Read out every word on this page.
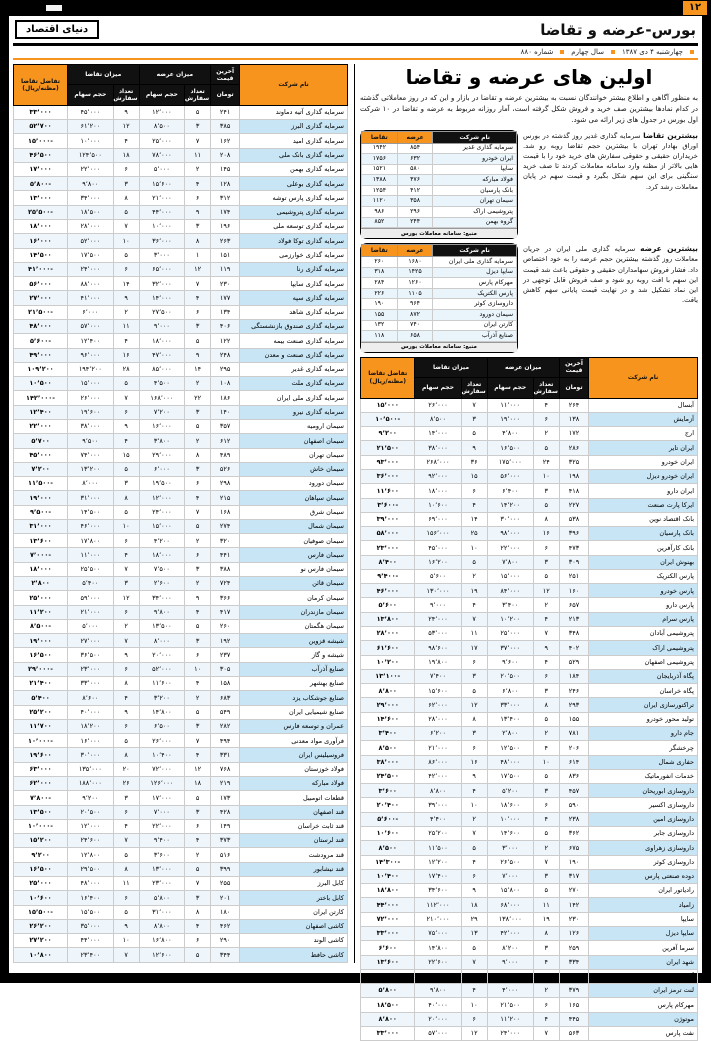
۱۲
بورس-عرضه و تقاضا
دنیای اقتصاد
چهارشنبه ۴ دی ۱۳۸۷
سال چهارم
شماره ۸۸۰
اولین های عرضه و تقاضا

به منظور آگاهی و اطلاع بیشتر خوانندگان نسبت به بیشترین عرضه و تقاضا در بازار و این که در روز معاملاتی گذشته در کدام نمادها بیشترین صف خرید و فروش شکل گرفته است، آمار روزانه مربوط به عرضه و تقاضا در ۱۰ شرکت اول بورس در جدول های زیر ارائه می شود.

بیشترین تقاضا سرمایه گذاری غدیر روز گذشته در بورس اوراق بهادار تهران با بیشترین حجم تقاضا روبه رو شد. خریداران حقیقی و حقوقی سفارش های خرید خود را با قیمت هایی بالاتر از مظنه وارد سامانه معاملات کردند تا صف خرید سنگینی برای این سهم شکل بگیرد و قیمت سهم در پایان معاملات رشد کرد.

نام شرکت	عرضه	تقاضا
سرمایه گذاری غدیر	۸۵۴	۱۹۴۲
ایران خودرو	۶۳۲	۱۷۵۶
سایپا	۵۸۰	۱۵۲۱
فولاد مبارکه	۴۷۶	۱۳۸۸
بانک پارسیان	۴۱۲	۱۲۵۴
سیمان تهران	۳۵۸	۱۱۲۰
پتروشیمی اراک	۲۹۶	۹۸۶
گروه بهمن	۲۴۴	۸۵۲
منبع: سامانه معاملات بورس

بیشترین عرضه سرمایه گذاری ملی ایران در جریان معاملات روز گذشته بیشترین حجم عرضه را به خود اختصاص داد. فشار فروش سهامداران حقیقی و حقوقی باعث شد قیمت این سهم با افت روبه رو شود و صف فروش قابل توجهی در این نماد تشکیل شد و در نهایت قیمت پایانی سهم کاهش یافت.

نام شرکت	عرضه	تقاضا
سرمایه گذاری ملی ایران	۱۶۸۰	۲۶۰
سایپا دیزل	۱۴۲۵	۳۱۸
مهرکام پارس	۱۲۶۰	۲۸۴
پارس الکتریک	۱۱۰۵	۲۲۶
داروسازی کوثر	۹۶۴	۱۹۰
سیمان دورود	۸۷۲	۱۵۵
کارتن ایران	۷۴۰	۱۳۲
صنایع آذرآب	۶۵۸	۱۱۸
منبع: سامانه معاملات بورس
نام شرکت	آخرین قیمت	میزان عرضه		میزان تقاضا		تفاضل تقاضا (مظنه/ریال)
	تومان	تعداد سفارش	حجم سهام	تعداد سفارش	حجم سهام	
آبسال	۲۶۴	۴	۱۱٬۰۰۰	۷	۲۶٬۰۰۰	۱۵٬۰۰۰
آزمایش	۱۳۸	۶	۱۹٬۰۰۰	۳	۸٬۵۰۰	-۱۰٬۵۰۰
ارج	۱۷۲	۲	۴٬۸۰۰	۵	۱۴٬۰۰۰	۹٬۲۰۰
ایران تایر	۲۸۶	۵	۱۶٬۵۰۰	۹	۳۸٬۰۰۰	۲۱٬۵۰۰
ایران خودرو	۳۲۵	۲۴	۱۷۵٬۰۰۰	۳۶	۲۶۸٬۰۰۰	۹۳٬۰۰۰
ایران خودرو دیزل	۱۹۸	۱۰	۵۶٬۰۰۰	۱۵	۹۲٬۰۰۰	۳۶٬۰۰۰
ایران دارو	۴۱۸	۳	۶٬۴۰۰	۶	۱۸٬۰۰۰	۱۱٬۶۰۰
ایرکا پارت صنعت	۲۲۷	۵	۱۴٬۲۰۰	۴	۱۰٬۶۰۰	-۳٬۶۰۰
بانک اقتصاد نوین	۵۳۸	۸	۳۰٬۰۰۰	۱۴	۶۹٬۰۰۰	۳۹٬۰۰۰
بانک پارسیان	۳۹۶	۱۶	۹۸٬۰۰۰	۲۵	۱۵۶٬۰۰۰	۵۸٬۰۰۰
بانک کارآفرین	۴۷۳	۶	۲۲٬۰۰۰	۱۰	۴۵٬۰۰۰	۲۳٬۰۰۰
بهنوش ایران	۳۰۹	۳	۷٬۸۰۰	۵	۱۶٬۲۰۰	۸٬۴۰۰
پارس الکتریک	۲۵۱	۵	۱۵٬۰۰۰	۲	۵٬۶۰۰	-۹٬۴۰۰
پارس خودرو	۱۶۰	۱۲	۸۴٬۰۰۰	۱۹	۱۳۰٬۰۰۰	۴۶٬۰۰۰
پارس دارو	۶۵۷	۲	۳٬۴۰۰	۴	۹٬۰۰۰	۵٬۶۰۰
پارس سرام	۲۱۳	۴	۱۰٬۲۰۰	۷	۲۴٬۰۰۰	۱۳٬۸۰۰
پتروشیمی آبادان	۳۴۸	۷	۲۵٬۰۰۰	۱۱	۵۳٬۰۰۰	۲۸٬۰۰۰
پتروشیمی اراک	۴۰۲	۹	۳۷٬۰۰۰	۱۷	۹۸٬۶۰۰	۶۱٬۶۰۰
پتروشیمی اصفهان	۵۲۹	۴	۹٬۶۰۰	۶	۱۹٬۸۰۰	۱۰٬۲۰۰
پگاه آذربایجان	۱۸۴	۶	۲۰٬۵۰۰	۳	۷٬۴۰۰	-۱۳٬۱۰۰
پگاه خراسان	۲۴۶	۳	۶٬۸۰۰	۵	۱۵٬۶۰۰	۸٬۸۰۰
تراکتورسازی ایران	۲۹۳	۸	۳۳٬۰۰۰	۱۲	۶۲٬۰۰۰	۲۹٬۰۰۰
تولید محور خودرو	۱۵۵	۵	۱۳٬۴۰۰	۸	۲۸٬۰۰۰	۱۴٬۶۰۰
جام دارو	۷۸۱	۲	۲٬۸۰۰	۳	۶٬۲۰۰	۳٬۴۰۰
چرخشگر	۲۰۶	۴	۱۲٬۵۰۰	۶	۲۱٬۰۰۰	۸٬۵۰۰
حفاری شمال	۶۱۴	۱۰	۴۸٬۰۰۰	۱۶	۸۶٬۰۰۰	۳۸٬۰۰۰
خدمات انفورماتیک	۸۳۶	۵	۱۷٬۵۰۰	۹	۴۲٬۰۰۰	۲۴٬۵۰۰
داروسازی ابوریحان	۴۵۷	۳	۵٬۲۰۰	۴	۸٬۸۰۰	۳٬۶۰۰
داروسازی اکسیر	۵۹۰	۶	۱۸٬۶۰۰	۱۰	۳۹٬۰۰۰	۲۰٬۴۰۰
داروسازی امین	۲۳۸	۴	۱۰٬۰۰۰	۲	۴٬۴۰۰	-۵٬۶۰۰
داروسازی جابر	۳۶۲	۵	۱۴٬۶۰۰	۷	۲۵٬۲۰۰	۱۰٬۶۰۰
داروسازی زهراوی	۶۷۵	۲	۳٬۰۰۰	۵	۱۱٬۵۰۰	۸٬۵۰۰
داروسازی کوثر	۱۹۰	۷	۲۶٬۵۰۰	۴	۱۲٬۲۰۰	-۱۴٬۳۰۰
دوده صنعتی پارس	۳۱۷	۳	۷٬۰۰۰	۶	۱۷٬۴۰۰	۱۰٬۴۰۰
رادیاتور ایران	۲۷۰	۵	۱۵٬۸۰۰	۹	۳۴٬۶۰۰	۱۸٬۸۰۰
زامیاد	۱۴۲	۱۱	۶۸٬۰۰۰	۱۸	۱۱۲٬۰۰۰	۴۴٬۰۰۰
سایپا	۲۳۰	۱۹	۱۳۸٬۰۰۰	۲۹	۲۱۰٬۰۰۰	۷۲٬۰۰۰
سایپا دیزل	۱۲۶	۸	۴۲٬۰۰۰	۱۳	۷۵٬۰۰۰	۳۳٬۰۰۰
سرما آفرین	۲۵۹	۳	۸٬۲۰۰	۵	۱۴٬۸۰۰	۶٬۶۰۰
شهد ایران	۳۳۴	۴	۹٬۰۰۰	۷	۲۲٬۶۰۰	۱۳٬۶۰۰
گروه بهمن	۲۰۳	۱۳	۸۰٬۰۰۰	۲۱	۱۴۴٬۰۰۰	۶۴٬۰۰۰
لنت ترمز ایران	۳۷۹	۲	۴٬۰۰۰	۴	۹٬۸۰۰	۵٬۸۰۰
مهرکام پارس	۱۶۵	۶	۲۱٬۵۰۰	۱۰	۴۰٬۰۰۰	۱۸٬۵۰۰
موتوژن	۴۴۵	۴	۱۱٬۲۰۰	۶	۲۰٬۰۰۰	۸٬۸۰۰
نفت پارس	۵۶۳	۷	۲۴٬۰۰۰	۱۲	۵۷٬۰۰۰	۳۳٬۰۰۰
نام شرکت	آخرین قیمت	میزان عرضه		میزان تقاضا		تفاضل تقاضا (مظنه/ریال)
	تومان	تعداد سفارش	حجم سهام	تعداد سفارش	حجم سهام	
سرمایه گذاری آتیه دماوند	۲۴۱	۵	۱۲٬۰۰۰	۹	۴۵٬۰۰۰	۳۳٬۰۰۰
سرمایه گذاری البرز	۳۸۵	۳	۸٬۵۰۰	۱۲	۶۱٬۲۰۰	۵۲٬۷۰۰
سرمایه گذاری امید	۱۶۲	۷	۲۵٬۰۰۰	۴	۱۰٬۰۰۰	-۱۵٬۰۰۰
سرمایه گذاری بانک ملی	۲۰۸	۱۱	۷۸٬۰۰۰	۱۸	۱۲۴٬۵۰۰	۴۶٬۵۰۰
سرمایه گذاری بهمن	۱۴۵	۲	۵٬۰۰۰	۶	۲۲٬۰۰۰	۱۷٬۰۰۰
سرمایه گذاری بوعلی	۱۲۸	۴	۱۵٬۶۰۰	۳	۹٬۸۰۰	-۵٬۸۰۰
سرمایه گذاری پارس توشه	۳۱۲	۶	۲۱٬۰۰۰	۸	۳۴٬۰۰۰	۱۳٬۰۰۰
سرمایه گذاری پتروشیمی	۱۷۴	۹	۴۴٬۰۰۰	۵	۱۸٬۵۰۰	-۲۵٬۵۰۰
سرمایه گذاری توسعه ملی	۱۹۶	۳	۱۰٬۰۰۰	۷	۲۸٬۰۰۰	۱۸٬۰۰۰
سرمایه گذاری توکا فولاد	۲۶۳	۸	۳۶٬۰۰۰	۱۰	۵۲٬۰۰۰	۱۶٬۰۰۰
سرمایه گذاری خوارزمی	۱۵۱	۱	۳٬۰۰۰	۵	۱۷٬۵۰۰	۱۴٬۵۰۰
سرمایه گذاری رنا	۱۱۹	۱۲	۶۵٬۰۰۰	۶	۲۴٬۰۰۰	-۴۱٬۰۰۰
سرمایه گذاری سایپا	۲۳۰	۷	۳۲٬۰۰۰	۱۴	۸۸٬۰۰۰	۵۶٬۰۰۰
سرمایه گذاری سپه	۱۷۷	۴	۱۴٬۰۰۰	۹	۴۱٬۰۰۰	۲۷٬۰۰۰
سرمایه گذاری شاهد	۱۳۴	۶	۲۷٬۵۰۰	۲	۶٬۰۰۰	-۲۱٬۵۰۰
سرمایه گذاری صندوق بازنشستگی	۴۰۶	۳	۹٬۰۰۰	۱۱	۵۷٬۰۰۰	۴۸٬۰۰۰
سرمایه گذاری صنعت بیمه	۱۲۲	۵	۱۸٬۰۰۰	۴	۱۲٬۴۰۰	-۵٬۶۰۰
سرمایه گذاری صنعت و معدن	۲۴۸	۹	۴۷٬۰۰۰	۱۶	۹۶٬۰۰۰	۴۹٬۰۰۰
سرمایه گذاری غدیر	۲۹۵	۱۴	۸۵٬۰۰۰	۲۸	۱۹۴٬۲۰۰	۱۰۹٬۲۰۰
سرمایه گذاری ملت	۱۰۸	۲	۴٬۵۰۰	۵	۱۵٬۰۰۰	۱۰٬۵۰۰
سرمایه گذاری ملی ایران	۱۸۶	۲۲	۱۶۸٬۰۰۰	۷	۲۶٬۰۰۰	-۱۴۲٬۰۰۰
سرمایه گذاری نیرو	۱۴۰	۳	۷٬۲۰۰	۶	۱۹٬۶۰۰	۱۲٬۴۰۰
سیمان ارومیه	۳۵۷	۵	۱۶٬۰۰۰	۹	۳۸٬۰۰۰	۲۲٬۰۰۰
سیمان اصفهان	۶۱۲	۲	۳٬۸۰۰	۴	۹٬۵۰۰	۵٬۷۰۰
سیمان تهران	۴۸۹	۸	۲۹٬۰۰۰	۱۵	۷۴٬۰۰۰	۴۵٬۰۰۰
سیمان خاش	۵۲۶	۳	۶٬۰۰۰	۵	۱۳٬۲۰۰	۷٬۲۰۰
سیمان دورود	۲۹۸	۶	۱۹٬۵۰۰	۳	۸٬۰۰۰	-۱۱٬۵۰۰
سیمان سپاهان	۲۱۵	۴	۱۲٬۰۰۰	۸	۳۱٬۰۰۰	۱۹٬۰۰۰
سیمان شرق	۱۶۸	۷	۲۴٬۰۰۰	۵	۱۴٬۵۰۰	-۹٬۵۰۰
سیمان شمال	۲۷۴	۵	۱۵٬۰۰۰	۱۰	۴۶٬۰۰۰	۳۱٬۰۰۰
سیمان صوفیان	۳۲۰	۲	۴٬۲۰۰	۶	۱۷٬۸۰۰	۱۳٬۶۰۰
سیمان فارس	۴۴۱	۶	۱۸٬۰۰۰	۴	۱۱٬۰۰۰	-۷٬۰۰۰
سیمان فارس نو	۳۸۸	۳	۷٬۵۰۰	۷	۲۵٬۵۰۰	۱۸٬۰۰۰
سیمان قائن	۷۲۴	۲	۲٬۶۰۰	۳	۵٬۴۰۰	۲٬۸۰۰
سیمان کرمان	۳۶۶	۹	۳۴٬۰۰۰	۱۲	۵۹٬۰۰۰	۲۵٬۰۰۰
سیمان مازندران	۴۱۷	۴	۹٬۸۰۰	۶	۲۱٬۰۰۰	۱۱٬۲۰۰
سیمان هگمتان	۲۶۰	۵	۱۳٬۵۰۰	۲	۵٬۰۰۰	-۸٬۵۰۰
شیشه قزوین	۱۹۲	۳	۸٬۰۰۰	۷	۲۷٬۰۰۰	۱۹٬۰۰۰
شیشه و گاز	۲۳۷	۶	۲۰٬۰۰۰	۹	۳۶٬۵۰۰	۱۶٬۵۰۰
صنایع آذرآب	۳۰۵	۱۰	۵۲٬۰۰۰	۶	۲۳٬۰۰۰	-۲۹٬۰۰۰
صنایع بهشهر	۱۵۸	۴	۱۱٬۶۰۰	۸	۳۳٬۰۰۰	۲۱٬۴۰۰
صنایع جوشکاب یزد	۶۸۳	۲	۳٬۲۰۰	۴	۸٬۶۰۰	۵٬۴۰۰
صنایع شیمیایی ایران	۵۴۹	۵	۱۴٬۸۰۰	۹	۴۰٬۰۰۰	۲۵٬۲۰۰
عمران و توسعه فارس	۲۸۲	۳	۶٬۵۰۰	۶	۱۸٬۲۰۰	۱۱٬۷۰۰
فرآوری مواد معدنی	۴۹۴	۷	۲۶٬۰۰۰	۵	۱۶٬۰۰۰	-۱۰٬۰۰۰
فروسیلیس ایران	۳۳۱	۴	۱۰٬۴۰۰	۸	۳۰٬۰۰۰	۱۹٬۶۰۰
فولاد خوزستان	۷۶۸	۱۲	۷۲٬۰۰۰	۲۰	۱۳۵٬۰۰۰	۶۳٬۰۰۰
فولاد مبارکه	۲۱۹	۱۸	۱۲۶٬۰۰۰	۲۶	۱۸۸٬۰۰۰	۶۲٬۰۰۰
قطعات اتومبیل	۱۷۳	۵	۱۷٬۰۰۰	۳	۹٬۲۰۰	-۷٬۸۰۰
قند اصفهان	۴۲۸	۳	۷٬۰۰۰	۶	۲۰٬۵۰۰	۱۳٬۵۰۰
قند ثابت خراسان	۱۴۹	۶	۲۲٬۰۰۰	۴	۱۲٬۰۰۰	-۱۰٬۰۰۰
قند لرستان	۳۷۳	۴	۹٬۴۰۰	۷	۲۴٬۶۰۰	۱۵٬۲۰۰
قند مرودشت	۵۱۶	۲	۳٬۶۰۰	۵	۱۲٬۸۰۰	۹٬۲۰۰
قند نیشابور	۳۹۹	۵	۱۳٬۰۰۰	۸	۲۹٬۵۰۰	۱۶٬۵۰۰
کابل البرز	۲۵۵	۷	۲۳٬۰۰۰	۱۱	۴۸٬۰۰۰	۲۵٬۰۰۰
کابل باختر	۲۰۱	۳	۵٬۸۰۰	۶	۱۶٬۴۰۰	۱۰٬۶۰۰
کارتن ایران	۱۸۰	۸	۳۱٬۰۰۰	۵	۱۵٬۵۰۰	-۱۵٬۵۰۰
کاشی اصفهان	۴۶۲	۴	۸٬۸۰۰	۹	۳۵٬۰۰۰	۲۶٬۲۰۰
کاشی الوند	۲۹۰	۶	۱۶٬۸۰۰	۱۰	۴۴٬۰۰۰	۲۷٬۲۰۰
کاشی حافظ	۳۴۴	۵	۱۲٬۶۰۰	۷	۲۳٬۴۰۰	۱۰٬۸۰۰
